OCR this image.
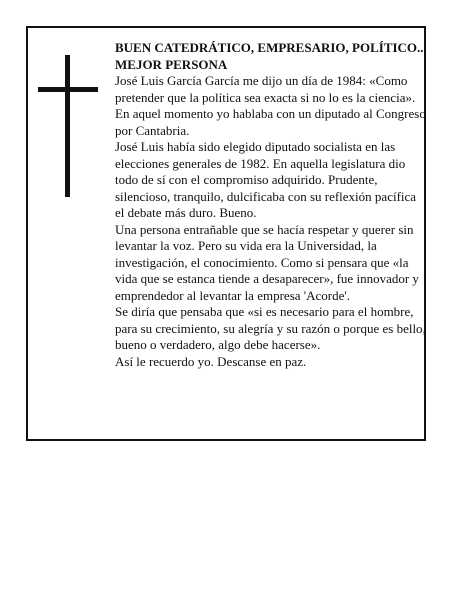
BUEN CATEDRÁTICO, EMPRESARIO, POLÍTICO... MEJOR PERSONA

José Luis García García me dijo un día de 1984: «Como pretender que la política sea exacta si no lo es la ciencia». En aquel momento yo hablaba con un diputado al Congreso por Cantabria.

José Luis había sido elegido diputado socialista en las elecciones generales de 1982. En aquella legislatura dio todo de sí con el compromiso adquirido. Prudente, silencioso, tranquilo, dulcificaba con su reflexión pacífica el debate más duro. Bueno.

Una persona entrañable que se hacía respetar y querer sin levantar la voz. Pero su vida era la Universidad, la investigación, el conocimiento. Como si pensara que «la vida que se estanca tiende a desaparecer», fue innovador y emprendedor al levantar la empresa 'Acorde'.

Se diría que pensaba que «si es necesario para el hombre, para su crecimiento, su alegría y su razón o porque es bello, bueno o verdadero, algo debe hacerse».

Así le recuerdo yo. Descanse en paz.
